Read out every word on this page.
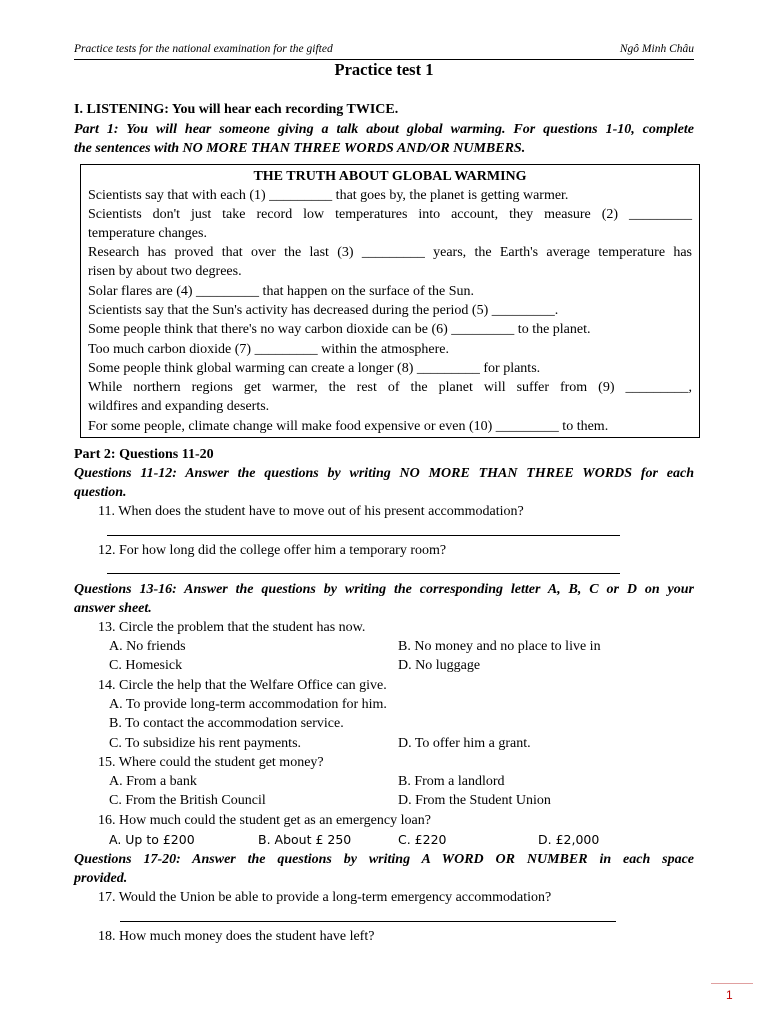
Practice tests for the national examination for the gifted	Ngô Minh Châu
Practice test 1
I. LISTENING: You will hear each recording TWICE.
Part 1: You will hear someone giving a talk about global warming. For questions 1-10, complete
the sentences with NO MORE THAN THREE WORDS AND/OR NUMBERS.
THE TRUTH ABOUT GLOBAL WARMING
Scientists say that with each (1) _________ that goes by, the planet is getting warmer.
Scientists don't just take record low temperatures into account, they measure (2) _________
temperature changes.
Research has proved that over the last (3) _________ years, the Earth's average temperature has
risen by about two degrees.
Solar flares are (4) _________ that happen on the surface of the Sun.
Scientists say that the Sun's activity has decreased during the period (5) _________.
Some people think that there's no way carbon dioxide can be (6) _________ to the planet.
Too much carbon dioxide (7) _________ within the atmosphere.
Some people think global warming can create a longer (8) _________ for plants.
While northern regions get warmer, the rest of the planet will suffer from (9) _________,
wildfires and expanding deserts.
For some people, climate change will make food expensive or even (10) _________ to them.
Part 2: Questions 11-20
Questions 11-12: Answer the questions by writing NO MORE THAN THREE WORDS for each
question.
11. When does the student have to move out of his present accommodation?
12. For how long did the college offer him a temporary room?
Questions 13-16: Answer the questions by writing the corresponding letter A, B, C or D on your
answer sheet.
13. Circle the problem that the student has now.
A. No friends	B. No money and no place to live in
C. Homesick	D. No luggage
14. Circle the help that the Welfare Office can give.
A. To provide long-term accommodation for him.
B. To contact the accommodation service.
C. To subsidize his rent payments.	D. To offer him a grant.
15. Where could the student get money?
A. From a bank	B. From a landlord
C. From the British Council	D. From the Student Union
16. How much could the student get as an emergency loan?
A. Up to £200	B. About £ 250	C. £220	D. £2,000
Questions 17-20: Answer the questions by writing A WORD OR NUMBER in each space
provided.
17. Would the Union be able to provide a long-term emergency accommodation?
18. How much money does the student have left?
1
